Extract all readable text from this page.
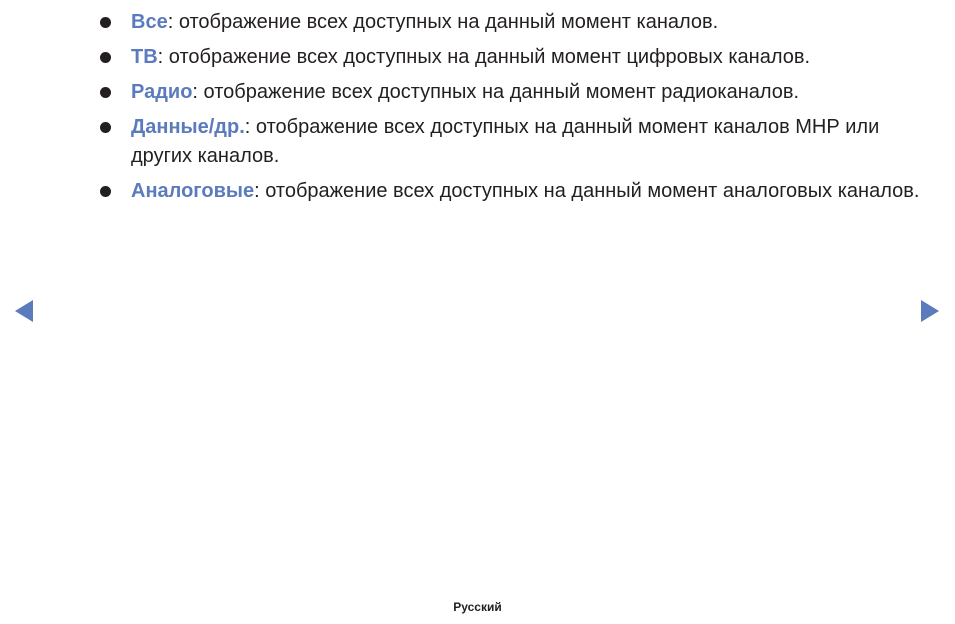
Все: отображение всех доступных на данный момент каналов.
ТВ: отображение всех доступных на данный момент цифровых каналов.
Радио: отображение всех доступных на данный момент радиоканалов.
Данные/др.: отображение всех доступных на данный момент каналов МНР или других каналов.
Аналоговые: отображение всех доступных на данный момент аналоговых каналов.
Русский
